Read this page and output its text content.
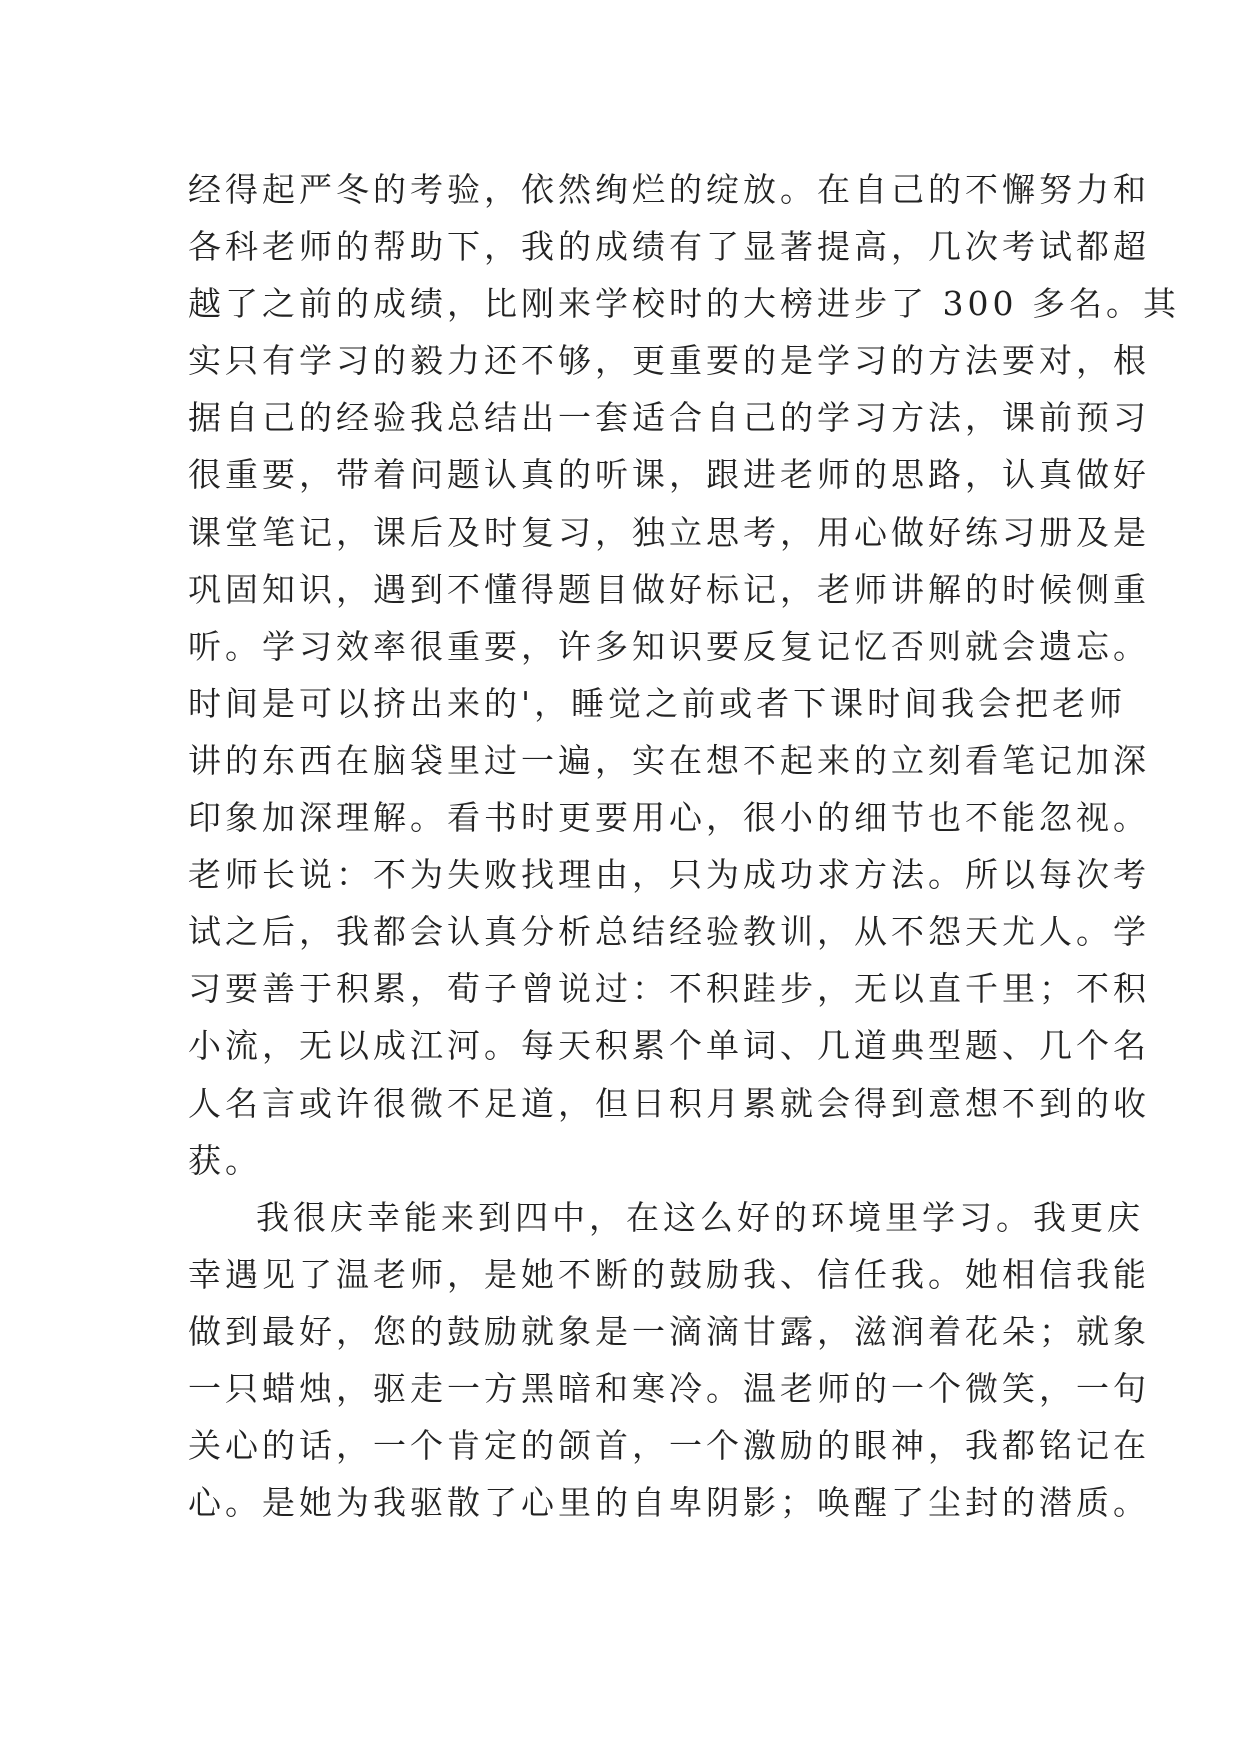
经得起严冬的考验，依然绚烂的绽放。在自己的不懈努力和
各科老师的帮助下，我的成绩有了显著提高，几次考试都超
越了之前的成绩，比刚来学校时的大榜进步了 300 多名。其
实只有学习的毅力还不够，更重要的是学习的方法要对，根
据自己的经验我总结出一套适合自己的学习方法，课前预习
很重要，带着问题认真的听课，跟进老师的思路，认真做好
课堂笔记，课后及时复习，独立思考，用心做好练习册及是
巩固知识，遇到不懂得题目做好标记，老师讲解的时候侧重
听。学习效率很重要，许多知识要反复记忆否则就会遗忘。
时间是可以挤出来的'，睡觉之前或者下课时间我会把老师
讲的东西在脑袋里过一遍，实在想不起来的立刻看笔记加深
印象加深理解。看书时更要用心，很小的细节也不能忽视。
老师长说：不为失败找理由，只为成功求方法。所以每次考
试之后，我都会认真分析总结经验教训，从不怨天尤人。学
习要善于积累，荀子曾说过：不积跬步，无以直千里；不积
小流，无以成江河。每天积累个单词、几道典型题、几个名
人名言或许很微不足道，但日积月累就会得到意想不到的收
获。
我很庆幸能来到四中，在这么好的环境里学习。我更庆
幸遇见了温老师，是她不断的鼓励我、信任我。她相信我能
做到最好，您的鼓励就象是一滴滴甘露，滋润着花朵；就象
一只蜡烛，驱走一方黑暗和寒冷。温老师的一个微笑，一句
关心的话，一个肯定的颌首，一个激励的眼神，我都铭记在
心。是她为我驱散了心里的自卑阴影；唤醒了尘封的潜质。
